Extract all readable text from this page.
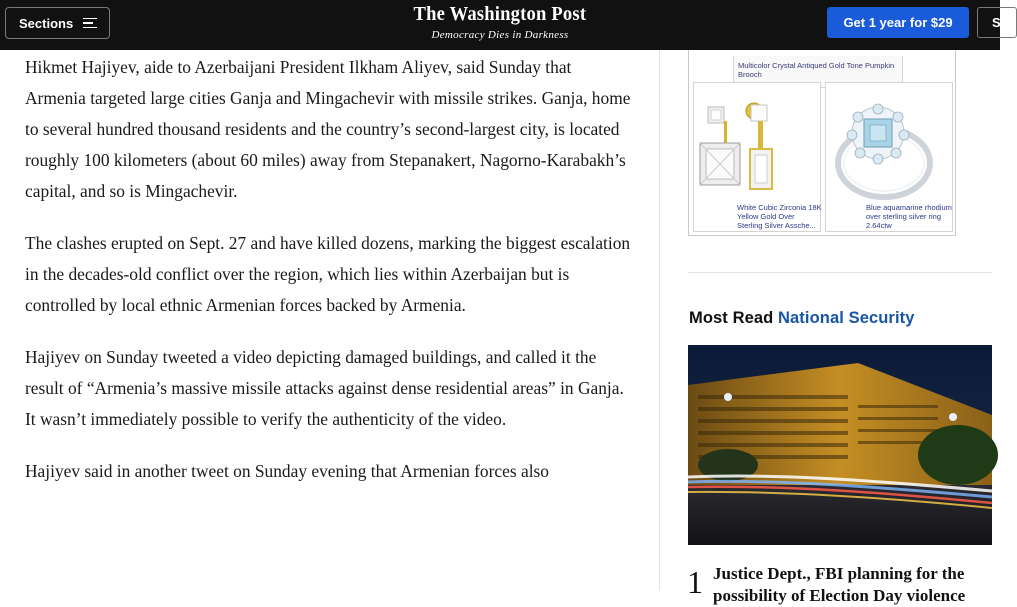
Sections	The Washington Post
Democracy Dies in Darkness
Get 1 year for $29	S

Hikmet Hajiyev, aide to Azerbaijani President Ilkham Aliyev, said Sunday that Armenia targeted large cities Ganja and Mingachevir with missile strikes. Ganja, home to several hundred thousand residents and the country’s second-largest city, is located roughly 100 kilometers (about 60 miles) away from Stepanakert, Nagorno-Karabakh’s capital, and so is Mingachevir.

The clashes erupted on Sept. 27 and have killed dozens, marking the biggest escalation in the decades-old conflict over the region, which lies within Azerbaijan but is controlled by local ethnic Armenian forces backed by Armenia.

Hajiyev on Sunday tweeted a video depicting damaged buildings, and called it the result of “Armenia’s massive missile attacks against dense residential areas” in Ganja. It wasn’t immediately possible to verify the authenticity of the video.

Hajiyev said in another tweet on Sunday evening that Armenian forces also

Multicolor Crystal Antiqued Gold Tone Pumpkin Brooch
White Cubic Zirconia 18K Yellow Gold Over Sterling Silver Assche...
Blue aquamarine rhodium over sterling silver ring 2.64ctw
Most Read National Security
1 Justice Dept., FBI planning for the possibility of Election Day violence
